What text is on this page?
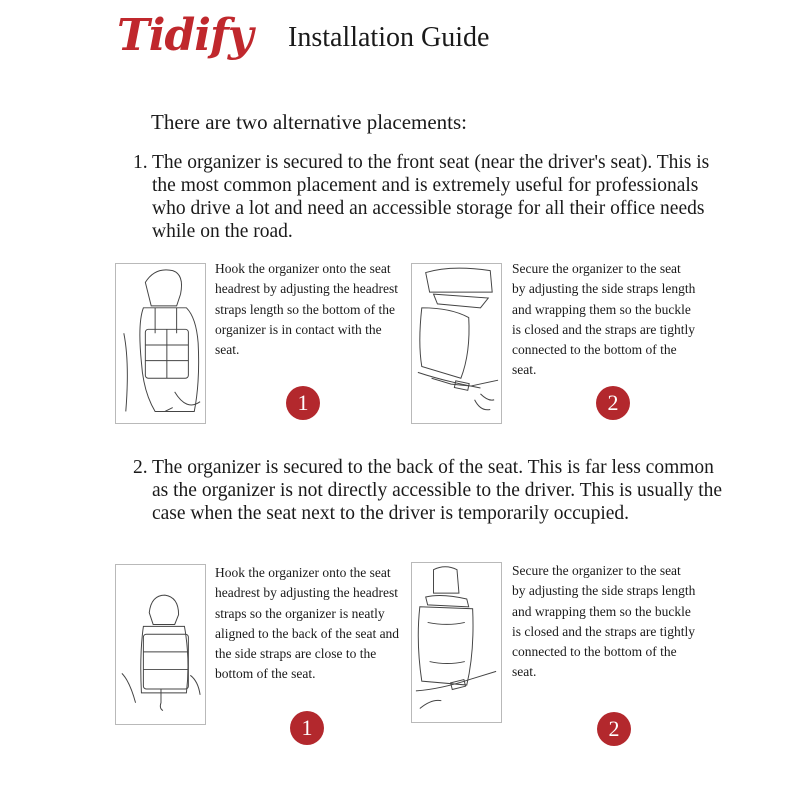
Tidify Installation Guide
There are two alternative placements:
1. The organizer is secured to the front seat (near the driver's seat). This is the most common placement and is extremely useful for professionals who drive a lot and need an accessible storage for all their office needs while on the road.
Hook the organizer onto the seat headrest by adjusting the headrest straps length so the bottom of the organizer is in contact with the seat.
1
Secure the organizer to the seat by adjusting the side straps length and wrapping them so the buckle is closed and the straps are tightly connected to the bottom of the seat.
2
2. The organizer is secured to the back of the seat. This is far less common as the organizer is not directly accessible to the driver. This is usually the case when the seat next to the driver is temporarily occupied.
Hook the organizer onto the seat headrest by adjusting the headrest straps so the organizer is neatly aligned to the back of the seat and the side straps are close to the bottom of the seat.
1
Secure the organizer to the seat by adjusting the side straps length and wrapping them so the buckle is closed and the straps are tightly connected to the bottom of the seat.
2
